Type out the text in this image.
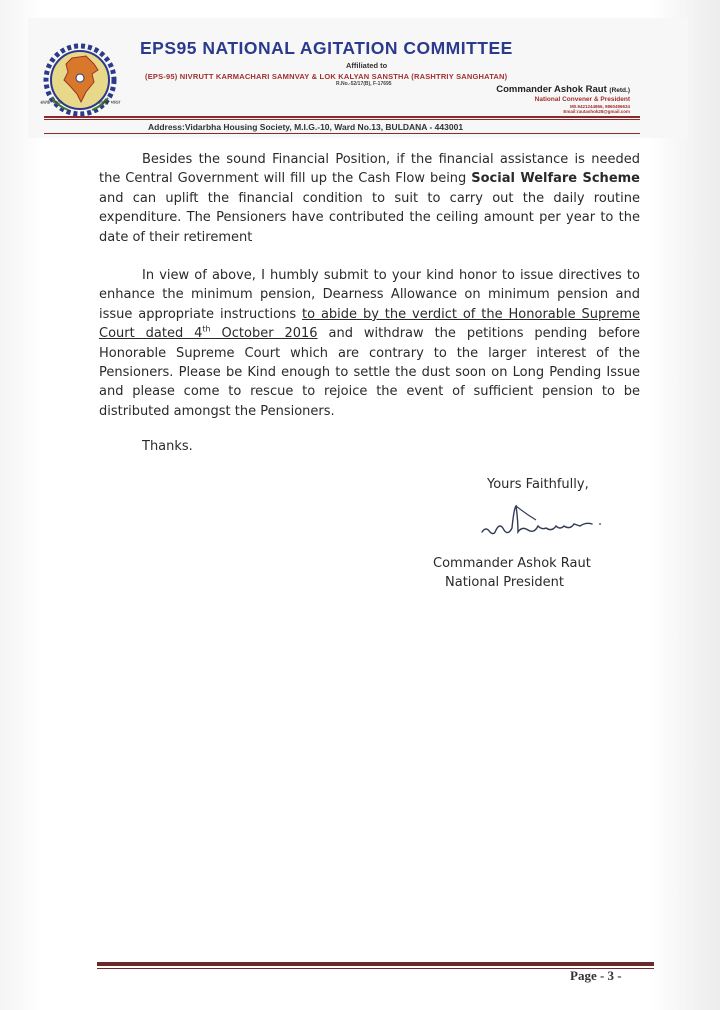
सतर्क भारत	समृद्ध भारत
EPS95 NATIONAL AGITATION COMMITTEE
Affiliated to
(EPS-95) NIVRUTT KARMACHARI SAMNVAY & LOK KALYAN SANSTHA (RASHTRIY SANGHATAN)
R.No.-52/17(B), F-17695	Commander Ashok Raut (Retd.)
National Convener & President
M0.9421244866, 9860496634
Email:rautashok28@gmail.com
Address:Vidarbha Housing Society, M.I.G.-10, Ward No.13, BULDANA - 443001
Besides the sound Financial Position, if the financial assistance is needed the Central Government will fill up the Cash Flow being Social Welfare Scheme and can uplift the financial condition to suit to carry out the daily routine expenditure. The Pensioners have contributed the ceiling amount per year to the date of their retirement
In view of above, I humbly submit to your kind honor to issue directives to enhance the minimum pension, Dearness Allowance on minimum pension and issue appropriate instructions to abide by the verdict of the Honorable Supreme Court dated 4th October 2016 and withdraw the petitions pending before Honorable Supreme Court which are contrary to the larger interest of the Pensioners. Please be Kind enough to settle the dust soon on Long Pending Issue and please come to rescue to rejoice the event of sufficient pension to be distributed amongst the Pensioners.
Thanks.
Yours Faithfully,
Commander Ashok Raut
National President
Page - 3 -
